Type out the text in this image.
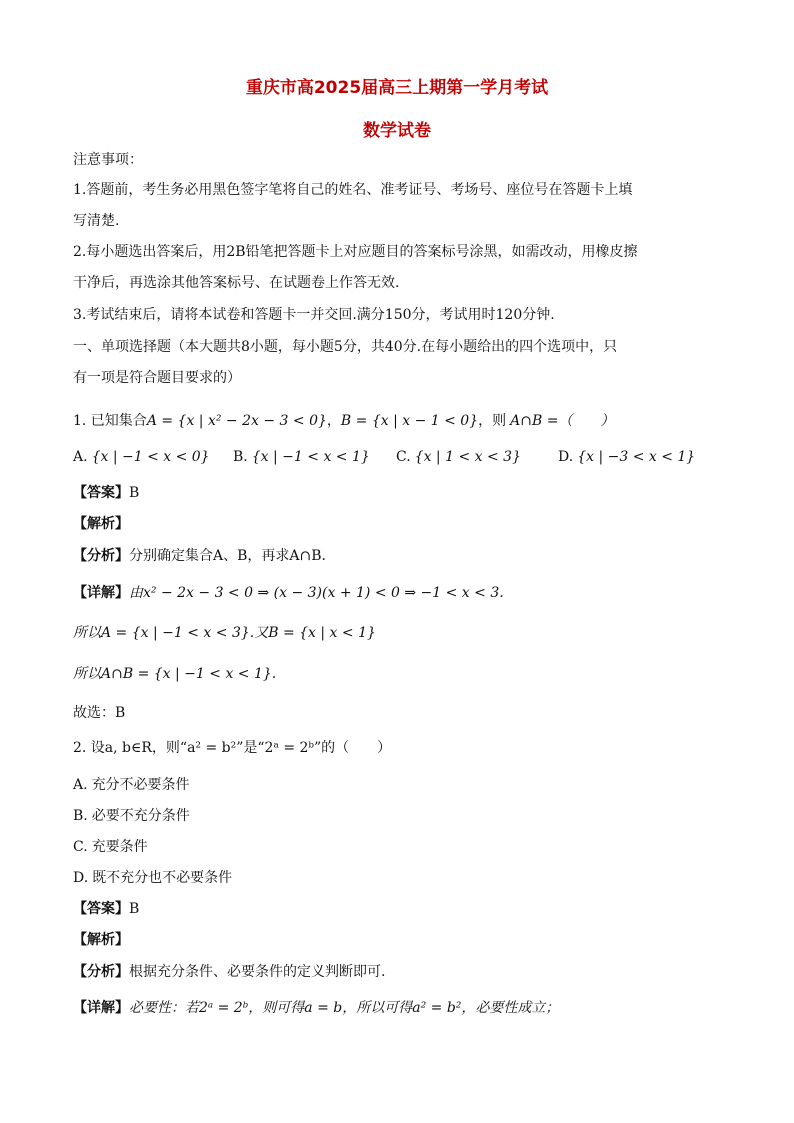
重庆市高2025届高三上期第一学月考试
数学试卷
注意事项：
1.答题前，考生务必用黑色签字笔将自己的姓名、准考证号、考场号、座位号在答题卡上填
写清楚.
2.每小题选出答案后，用2B铅笔把答题卡上对应题目的答案标号涂黑，如需改动，用橡皮擦
干净后，再选涂其他答案标号、在试题卷上作答无效.
3.考试结束后，请将本试卷和答题卡一并交回.满分150分，考试用时120分钟.
一、单项选择题（本大题共8小题，每小题5分，共40分.在每小题给出的四个选项中，只
有一项是符合题目要求的）
1. 已知集合A = {x | x² − 2x − 3 < 0}，B = {x | x − 1 < 0}，则 A∩B =（　　）
A. {x | −1 < x < 0} B. {x | −1 < x < 1} C. {x | 1 < x < 3}	D. {x | −3 < x < 1}
【答案】B
【解析】
【分析】分别确定集合A、B，再求A∩B.
【详解】由x² − 2x − 3 < 0 ⇒ (x − 3)(x + 1) < 0 ⇒ −1 < x < 3.
所以A = {x | −1 < x < 3}.又B = {x | x < 1}
所以A∩B = {x | −1 < x < 1}.
故选：B
2. 设a, b∈R，则“a² = b²”是“2ᵃ = 2ᵇ”的（　　）
A. 充分不必要条件
B. 必要不充分条件
C. 充要条件
D. 既不充分也不必要条件
【答案】B
【解析】
【分析】根据充分条件、必要条件的定义判断即可.
【详解】必要性：若2ᵃ = 2ᵇ，则可得a = b，所以可得a² = b²，必要性成立；
